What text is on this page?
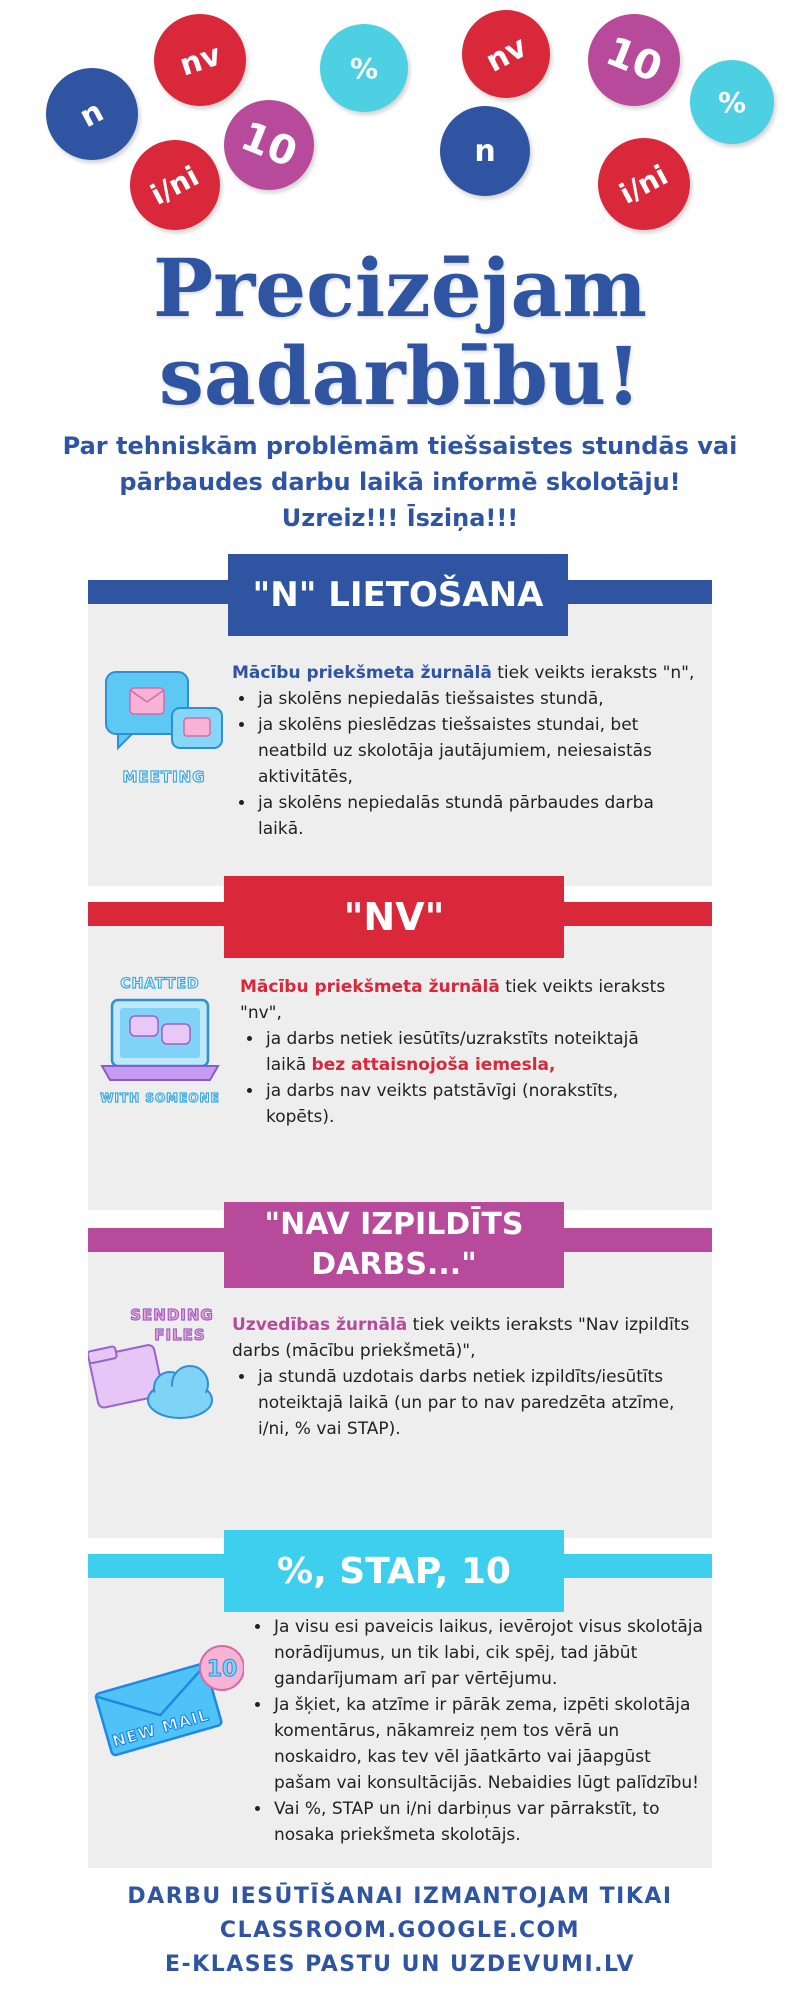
n
nv	%
10
i/ni
nv 10
%
n
i/ni
Precizējam
sadarbību!
Par tehniskām problēmām tiešsaistes stundās vai
pārbaudes darbu laikā informē skolotāju!
Uzreiz!!! Īsziņa!!!
"N" LIETOŠANA
MEETING

Mācību priekšmeta žurnālā tiek veikts ieraksts "n",

• ja skolēns nepiedalās tiešsaistes stundā,
• ja skolēns pieslēdzas tiešsaistes stundai, bet neatbild uz skolotāja jautājumiem, neiesaistās aktivitātēs,
• ja skolēns nepiedalās stundā pārbaudes darba laikā.
"NV"
CHATTED
WITH SOMEONE

Mācību priekšmeta žurnālā tiek veikts ieraksts "nv",

• ja darbs netiek iesūtīts/uzrakstīts noteiktajā laikā bez attaisnojoša iemesla,
• ja darbs nav veikts patstāvīgi (norakstīts, kopēts).
"NAV IZPILDĪTS
DARBS..."
SENDING
FILES Uzvedības žurnālā tiek veikts ieraksts "Nav izpildīts darbs (mācību priekšmetā)",

• ja stundā uzdotais darbs netiek izpildīts/iesūtīts noteiktajā laikā (un par to nav paredzēta atzīme, i/ni, % vai STAP).
%, STAP, 10
NEW MAIL
10
• Ja visu esi paveicis laikus, ievērojot visus skolotāja norādījumus, un tik labi, cik spēj, tad jābūt gandarījumam arī par vērtējumu.
• Ja šķiet, ka atzīme ir pārāk zema, izpēti skolotāja komentārus, nākamreiz ņem tos vērā un noskaidro, kas tev vēl jāatkārto vai jāapgūst pašam vai konsultācijās. Nebaidies lūgt palīdzību!
• Vai %, STAP un i/ni darbiņus var pārrakstīt, to nosaka priekšmeta skolotājs.
DARBU IESŪTĪŠANAI IZMANTOJAM TIKAI
CLASSROOM.GOOGLE.COM
E-KLASES PASTU UN UZDEVUMI.LV
